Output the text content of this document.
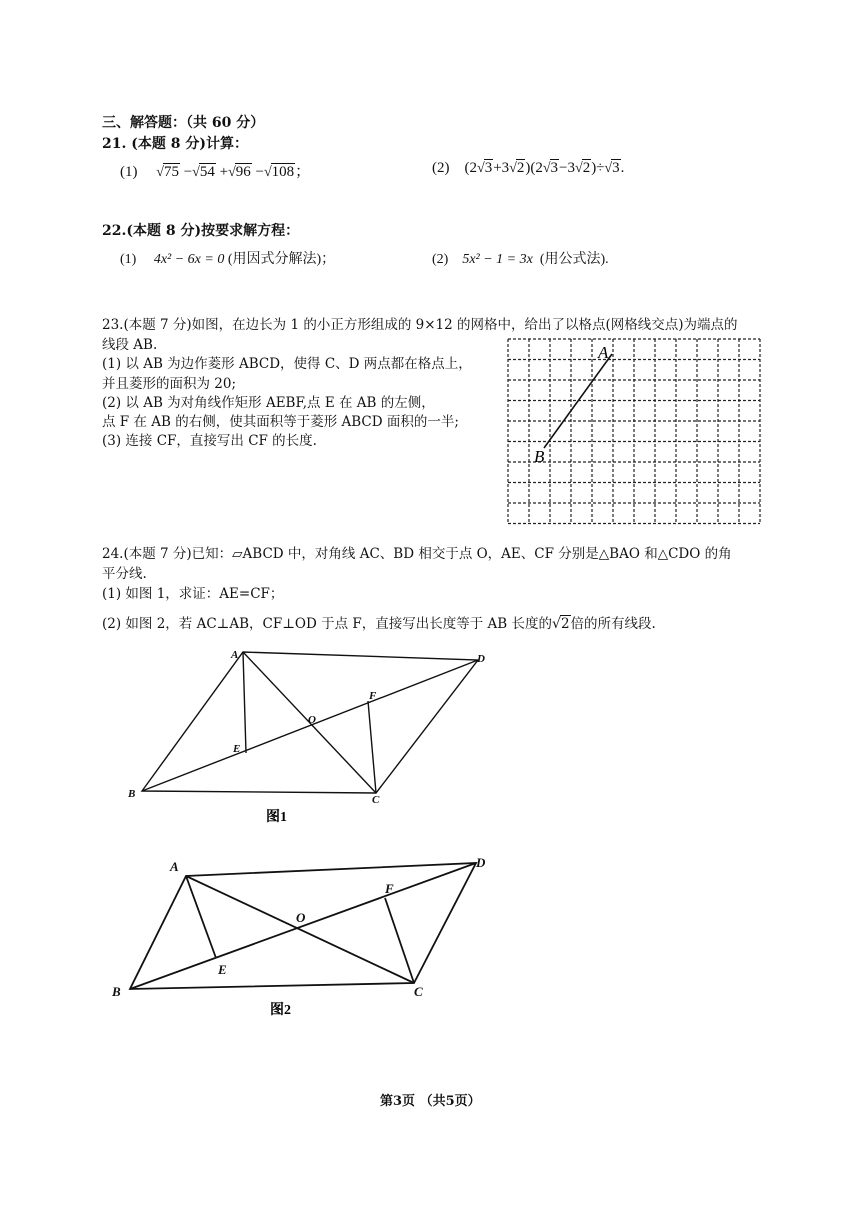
三、解答题：（共 60 分）
21. (本题 8 分)计算：
(1) √75 −√54 +√96 −√108；	(2) (2√3+3√2)(2√3−3√2)÷√3.
22.(本题 8 分)按要求解方程：
(1) 4x² − 6x = 0 (用因式分解法)；	(2) 5x² − 1 = 3x (用公式法).
23.(本题 7 分)如图，在边长为 1 的小正方形组成的 9×12 的网格中，给出了以格点(网格线交点)为端点的
线段 AB.
(1) 以 AB 为边作菱形 ABCD，使得 C、D 两点都在格点上，
并且菱形的面积为 20;
(2) 以 AB 为对角线作矩形 AEBF,点 E 在 AB 的左侧，
点 F 在 AB 的右侧，使其面积等于菱形 ABCD 面积的一半;
(3) 连接 CF，直接写出 CF 的长度.
A
B
24.(本题 7 分)已知：▱ABCD 中，对角线 AC、BD 相交于点 O，AE、CF 分别是△BAO 和△CDO 的角
平分线.
(1) 如图 1，求证：AE=CF；
(2) 如图 2，若 AC⊥AB，CF⊥OD 于点 F，直接写出长度等于 AB 长度的√2倍的所有线段.
A	D
F
O
E
B	C
图1
A	D
F
O
E
B	C
图2
第3页 （共5页）
